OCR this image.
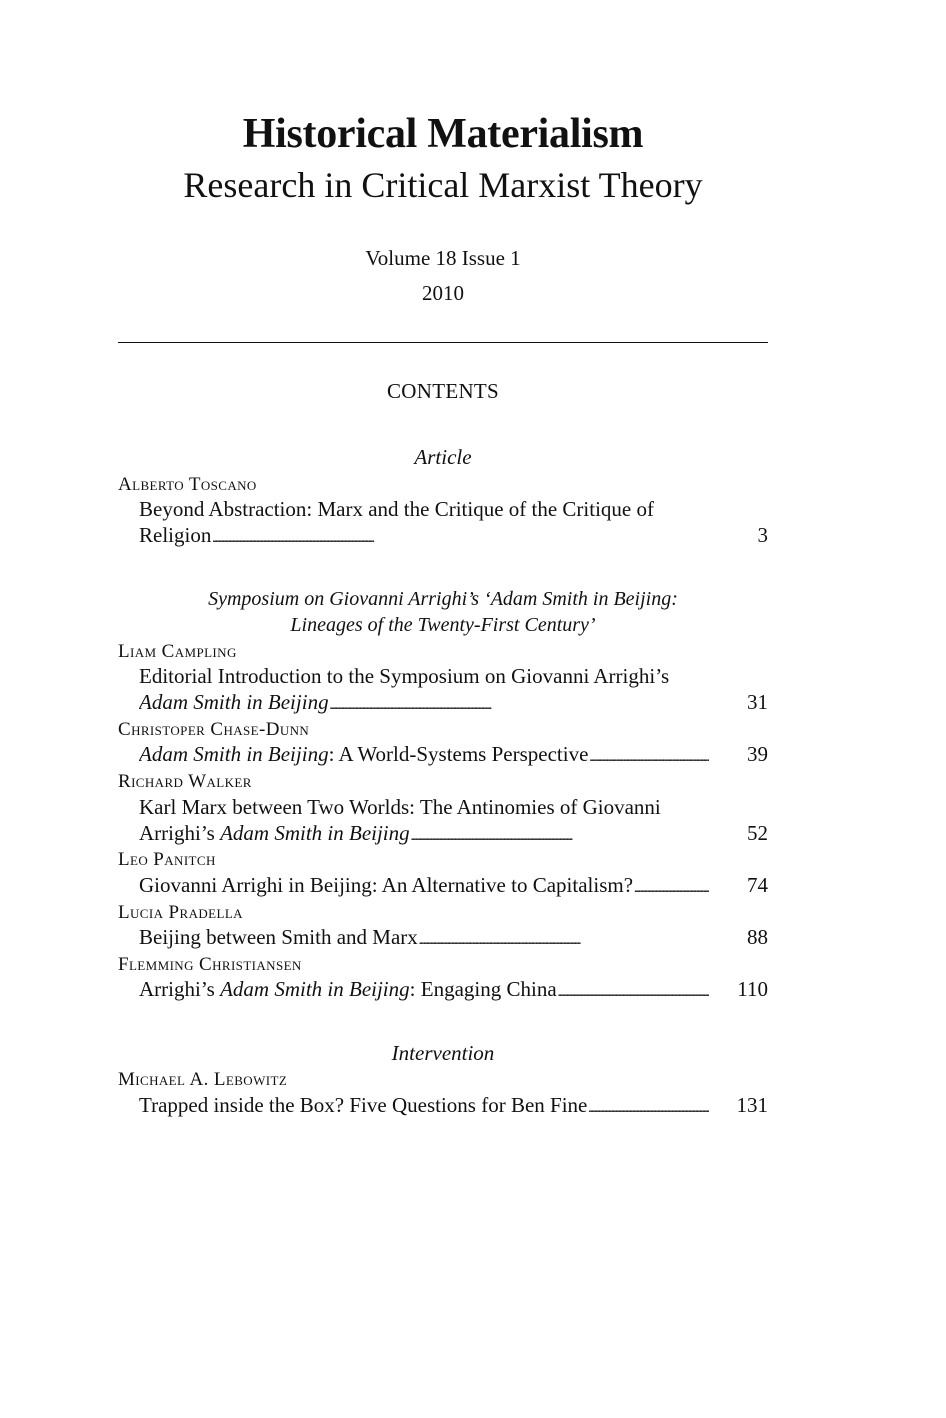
Historical Materialism
Research in Critical Marxist Theory
Volume 18 Issue 1
2010
CONTENTS
Article
Alberto Toscano
Beyond Abstraction: Marx and the Critique of the Critique of
Religion . . .	3
Symposium on Giovanni Arrighi’s ‘Adam Smith in Beijing:
Lineages of the Twenty-First Century’
Liam Campling
Editorial Introduction to the Symposium on Giovanni Arrighi’s
Adam Smith in Beijing . . .	31
Christoper Chase-Dunn
Adam Smith in Beijing: A World-Systems Perspective . . .	39
Richard Walker
Karl Marx between Two Worlds: The Antinomies of Giovanni
Arrighi’s Adam Smith in Beijing . . .	52
Leo Panitch
Giovanni Arrighi in Beijing: An Alternative to Capitalism? . . .	74
Lucia Pradella
Beijing between Smith and Marx . . .	88
Flemming Christiansen
Arrighi’s Adam Smith in Beijing: Engaging China . . .	110
Intervention
Michael A. Lebowitz
Trapped inside the Box? Five Questions for Ben Fine . . .	131
